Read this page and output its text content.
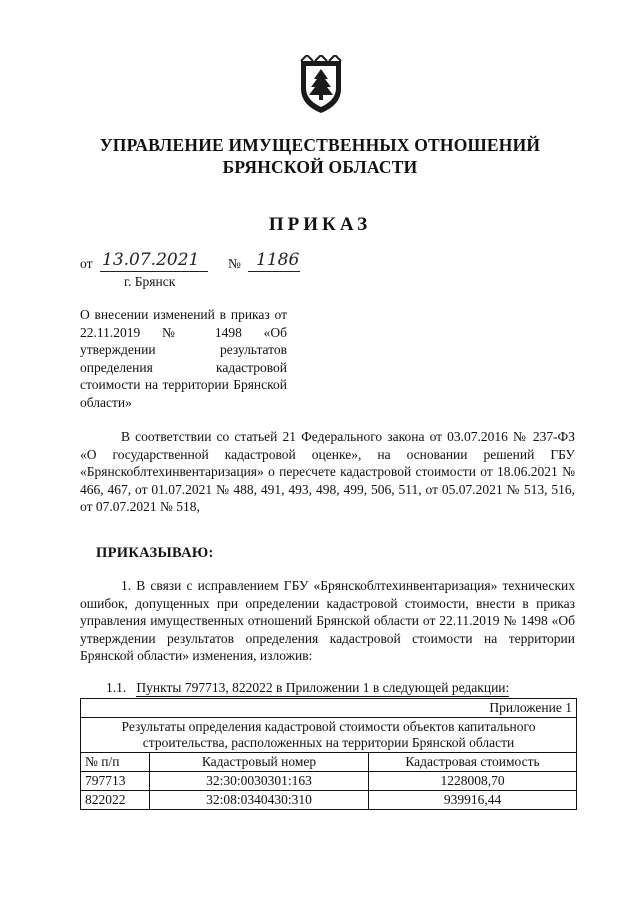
УПРАВЛЕНИЕ ИМУЩЕСТВЕННЫХ ОТНОШЕНИЙ
БРЯНСКОЙ ОБЛАСТИ
ПРИКАЗ
от 13.07.2021 № 1186
г. Брянск
О внесении изменений в приказ от 22.11.2019 № 1498 «Об утверждении результатов определения кадастровой стоимости на территории Брянской области»
В соответствии со статьей 21 Федерального закона от 03.07.2016 № 237-ФЗ «О государственной кадастровой оценке», на основании решений ГБУ «Брянскоблтехинвентаризация» о пересчете кадастровой стоимости от 18.06.2021 № 466, 467, от 01.07.2021 № 488, 491, 493, 498, 499, 506, 511, от 05.07.2021 № 513, 516, от 07.07.2021 № 518,
ПРИКАЗЫВАЮ:
1. В связи с исправлением ГБУ «Брянскоблтехинвентаризация» технических ошибок, допущенных при определении кадастровой стоимости, внести в приказ управления имущественных отношений Брянской области от 22.11.2019 № 1498 «Об утверждении результатов определения кадастровой стоимости на территории Брянской области» изменения, изложив:
1.1. Пункты 797713, 822022 в Приложении 1 в следующей редакции:
Приложение 1		
Результаты определения кадастровой стоимости объектов капитального строительства, расположенных на территории Брянской области		
№ п/п	Кадастровый номер	Кадастровая стоимость
797713	32:30:0030301:163	1228008,70
822022	32:08:0340430:310	939916,44
